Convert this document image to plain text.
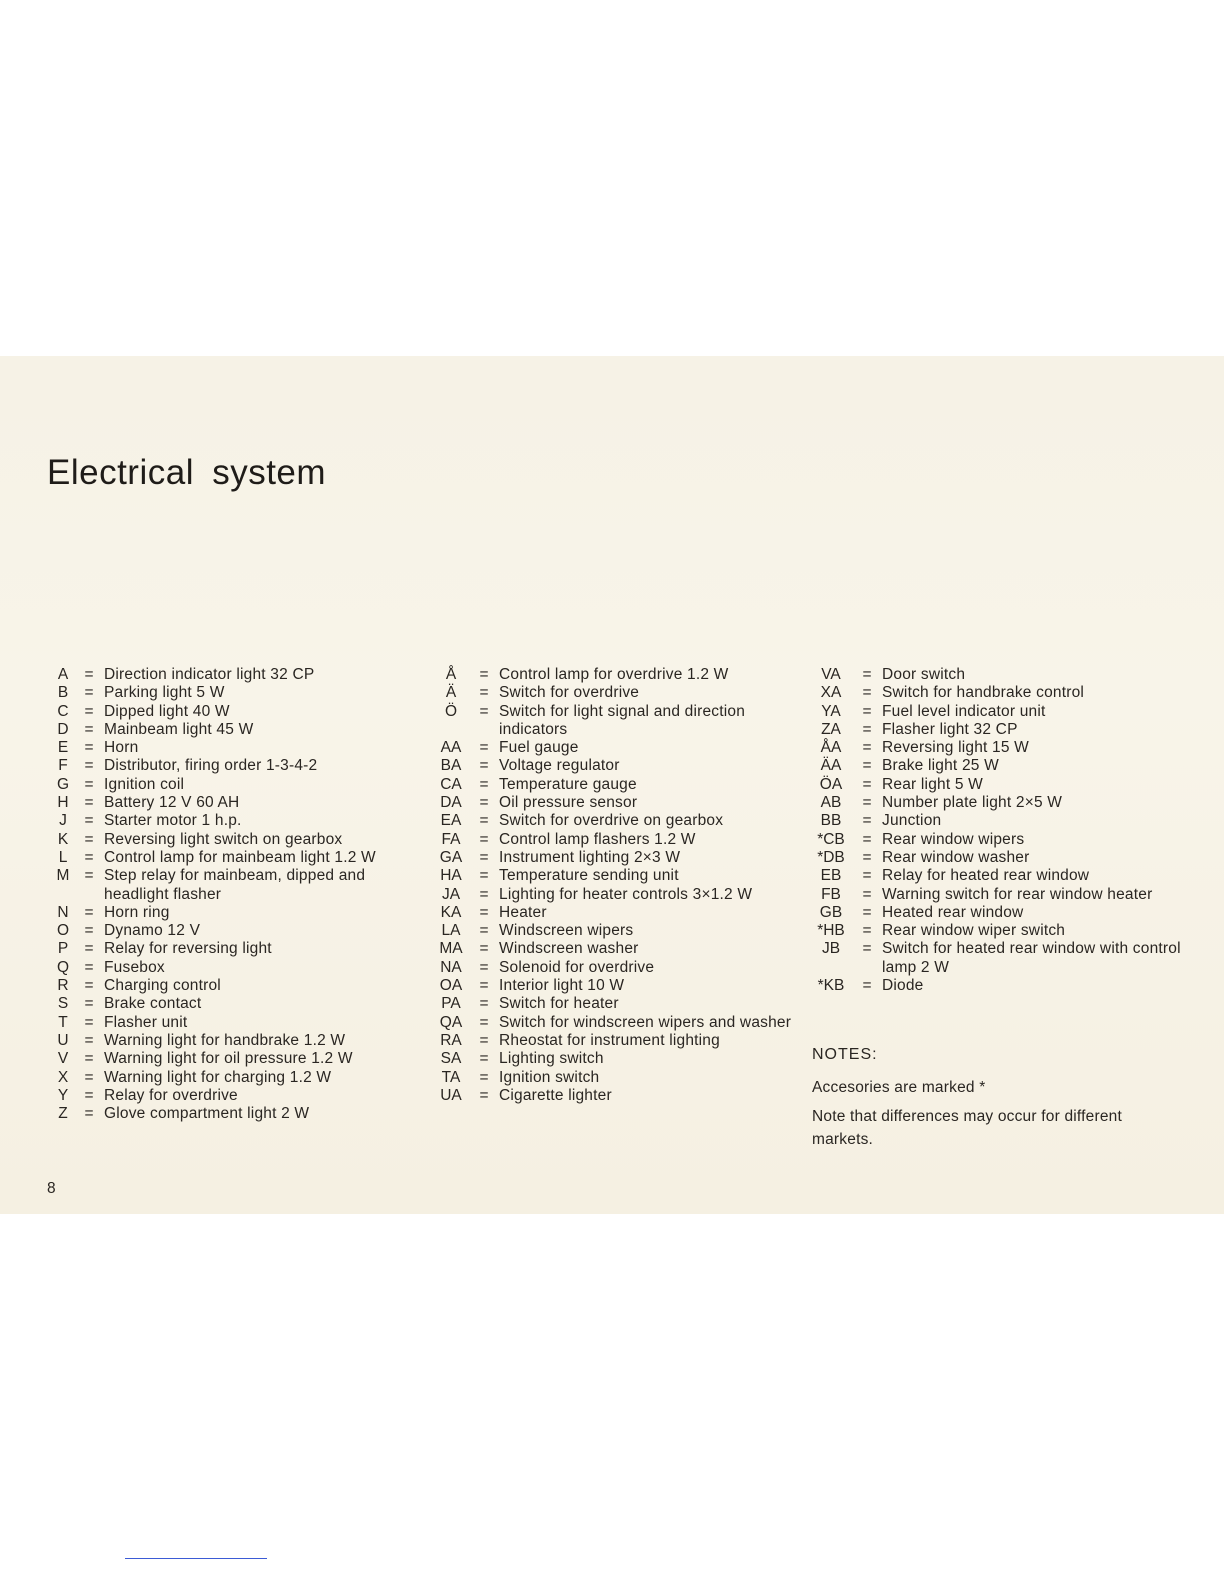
Electrical system
A	= Direction indicator light 32 CP
B	= Parking light 5 W
C	= Dipped light 40 W
D	= Mainbeam light 45 W
E	= Horn
F	= Distributor, firing order 1-3-4-2
G = Ignition coil
H	= Battery 12 V 60 AH
J	= Starter motor 1 h.p.
K	= Reversing light switch on gearbox
L	= Control lamp for mainbeam light 1.2 W
M = Step relay for mainbeam, dipped and headlight flasher
N	= Horn ring
O = Dynamo 12 V
P	= Relay for reversing light
Q = Fusebox
R	= Charging control
S	= Brake contact
T	= Flasher unit
U	= Warning light for handbrake 1.2 W
V	= Warning light for oil pressure 1.2 W
X	= Warning light for charging 1.2 W
Y	= Relay for overdrive
Z	= Glove compartment light 2 W
Å	= Control lamp for overdrive 1.2 W
Ä	= Switch for overdrive
Ö	= Switch for light signal and direction indicators
AA	= Fuel gauge
BA	= Voltage regulator
CA	= Temperature gauge
DA	= Oil pressure sensor
EA	= Switch for overdrive on gearbox
FA	= Control lamp flashers 1.2 W
GA	= Instrument lighting 2×3 W
HA	= Temperature sending unit
JA	= Lighting for heater controls 3×1.2 W
KA	= Heater
LA	= Windscreen wipers
MA	= Windscreen washer
NA	= Solenoid for overdrive
OA	= Interior light 10 W
PA	= Switch for heater
QA	= Switch for windscreen wipers and washer
RA	= Rheostat for instrument lighting
SA	= Lighting switch
TA	= Ignition switch
UA	= Cigarette lighter
VA	= Door switch
XA	= Switch for handbrake control
YA	= Fuel level indicator unit
ZA	= Flasher light 32 CP
ÅA	= Reversing light 15 W
ÄA	= Brake light 25 W
ÖA	= Rear light 5 W
AB	= Number plate light 2×5 W
BB	= Junction
*CB	= Rear window wipers
*DB	= Rear window washer
EB	= Relay for heated rear window
FB	= Warning switch for rear window heater
GB	= Heated rear window
*HB	= Rear window wiper switch
JB	= Switch for heated rear window with control lamp 2 W
*KB	= Diode
NOTES:

Accesories are marked *

Note that differences may occur for different markets.

8
